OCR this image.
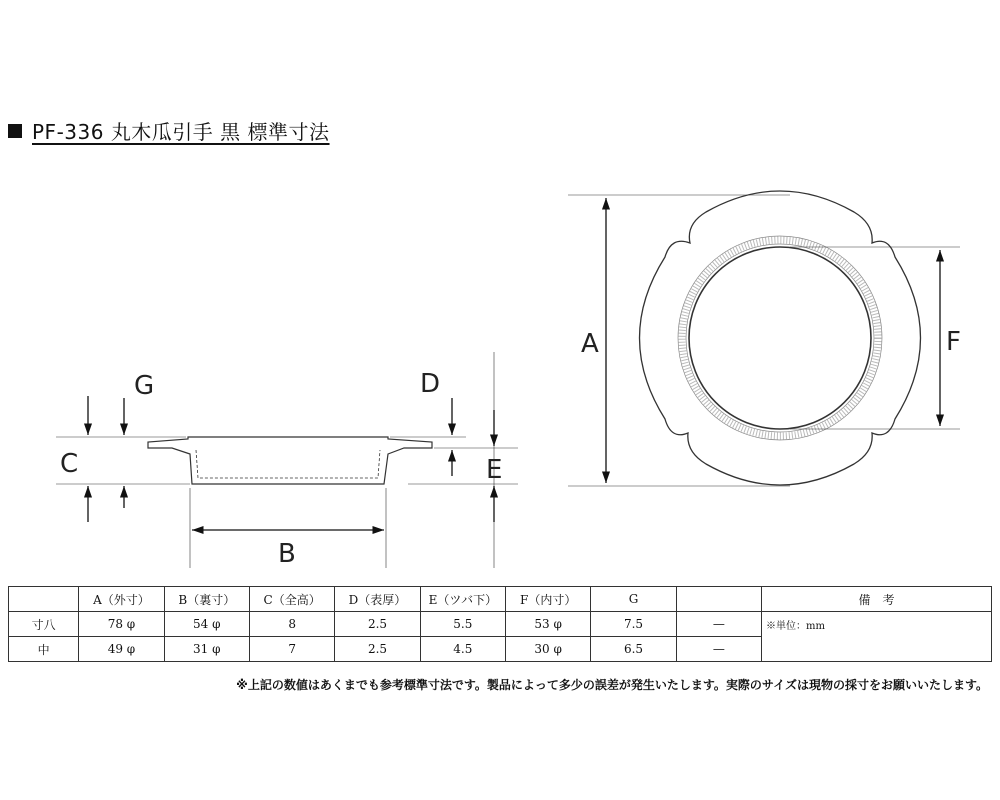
PF-336 丸木瓜引手 黒 標準寸法
G
C
B
D
E
A	F
	A（外寸）	B（裏寸）	C（全高）	D（表厚）	E（ツバ下）	F（内寸）	G		備　考
寸八	78 φ	54 φ	8	2.5	5.5	53 φ	7.5	—	※単位：mm
中	49 φ	31 φ	7	2.5	4.5	30 φ	6.5	—	
※上記の数値はあくまでも参考標準寸法です。製品によって多少の誤差が発生いたします。実際のサイズは現物の採寸をお願いいたします。
